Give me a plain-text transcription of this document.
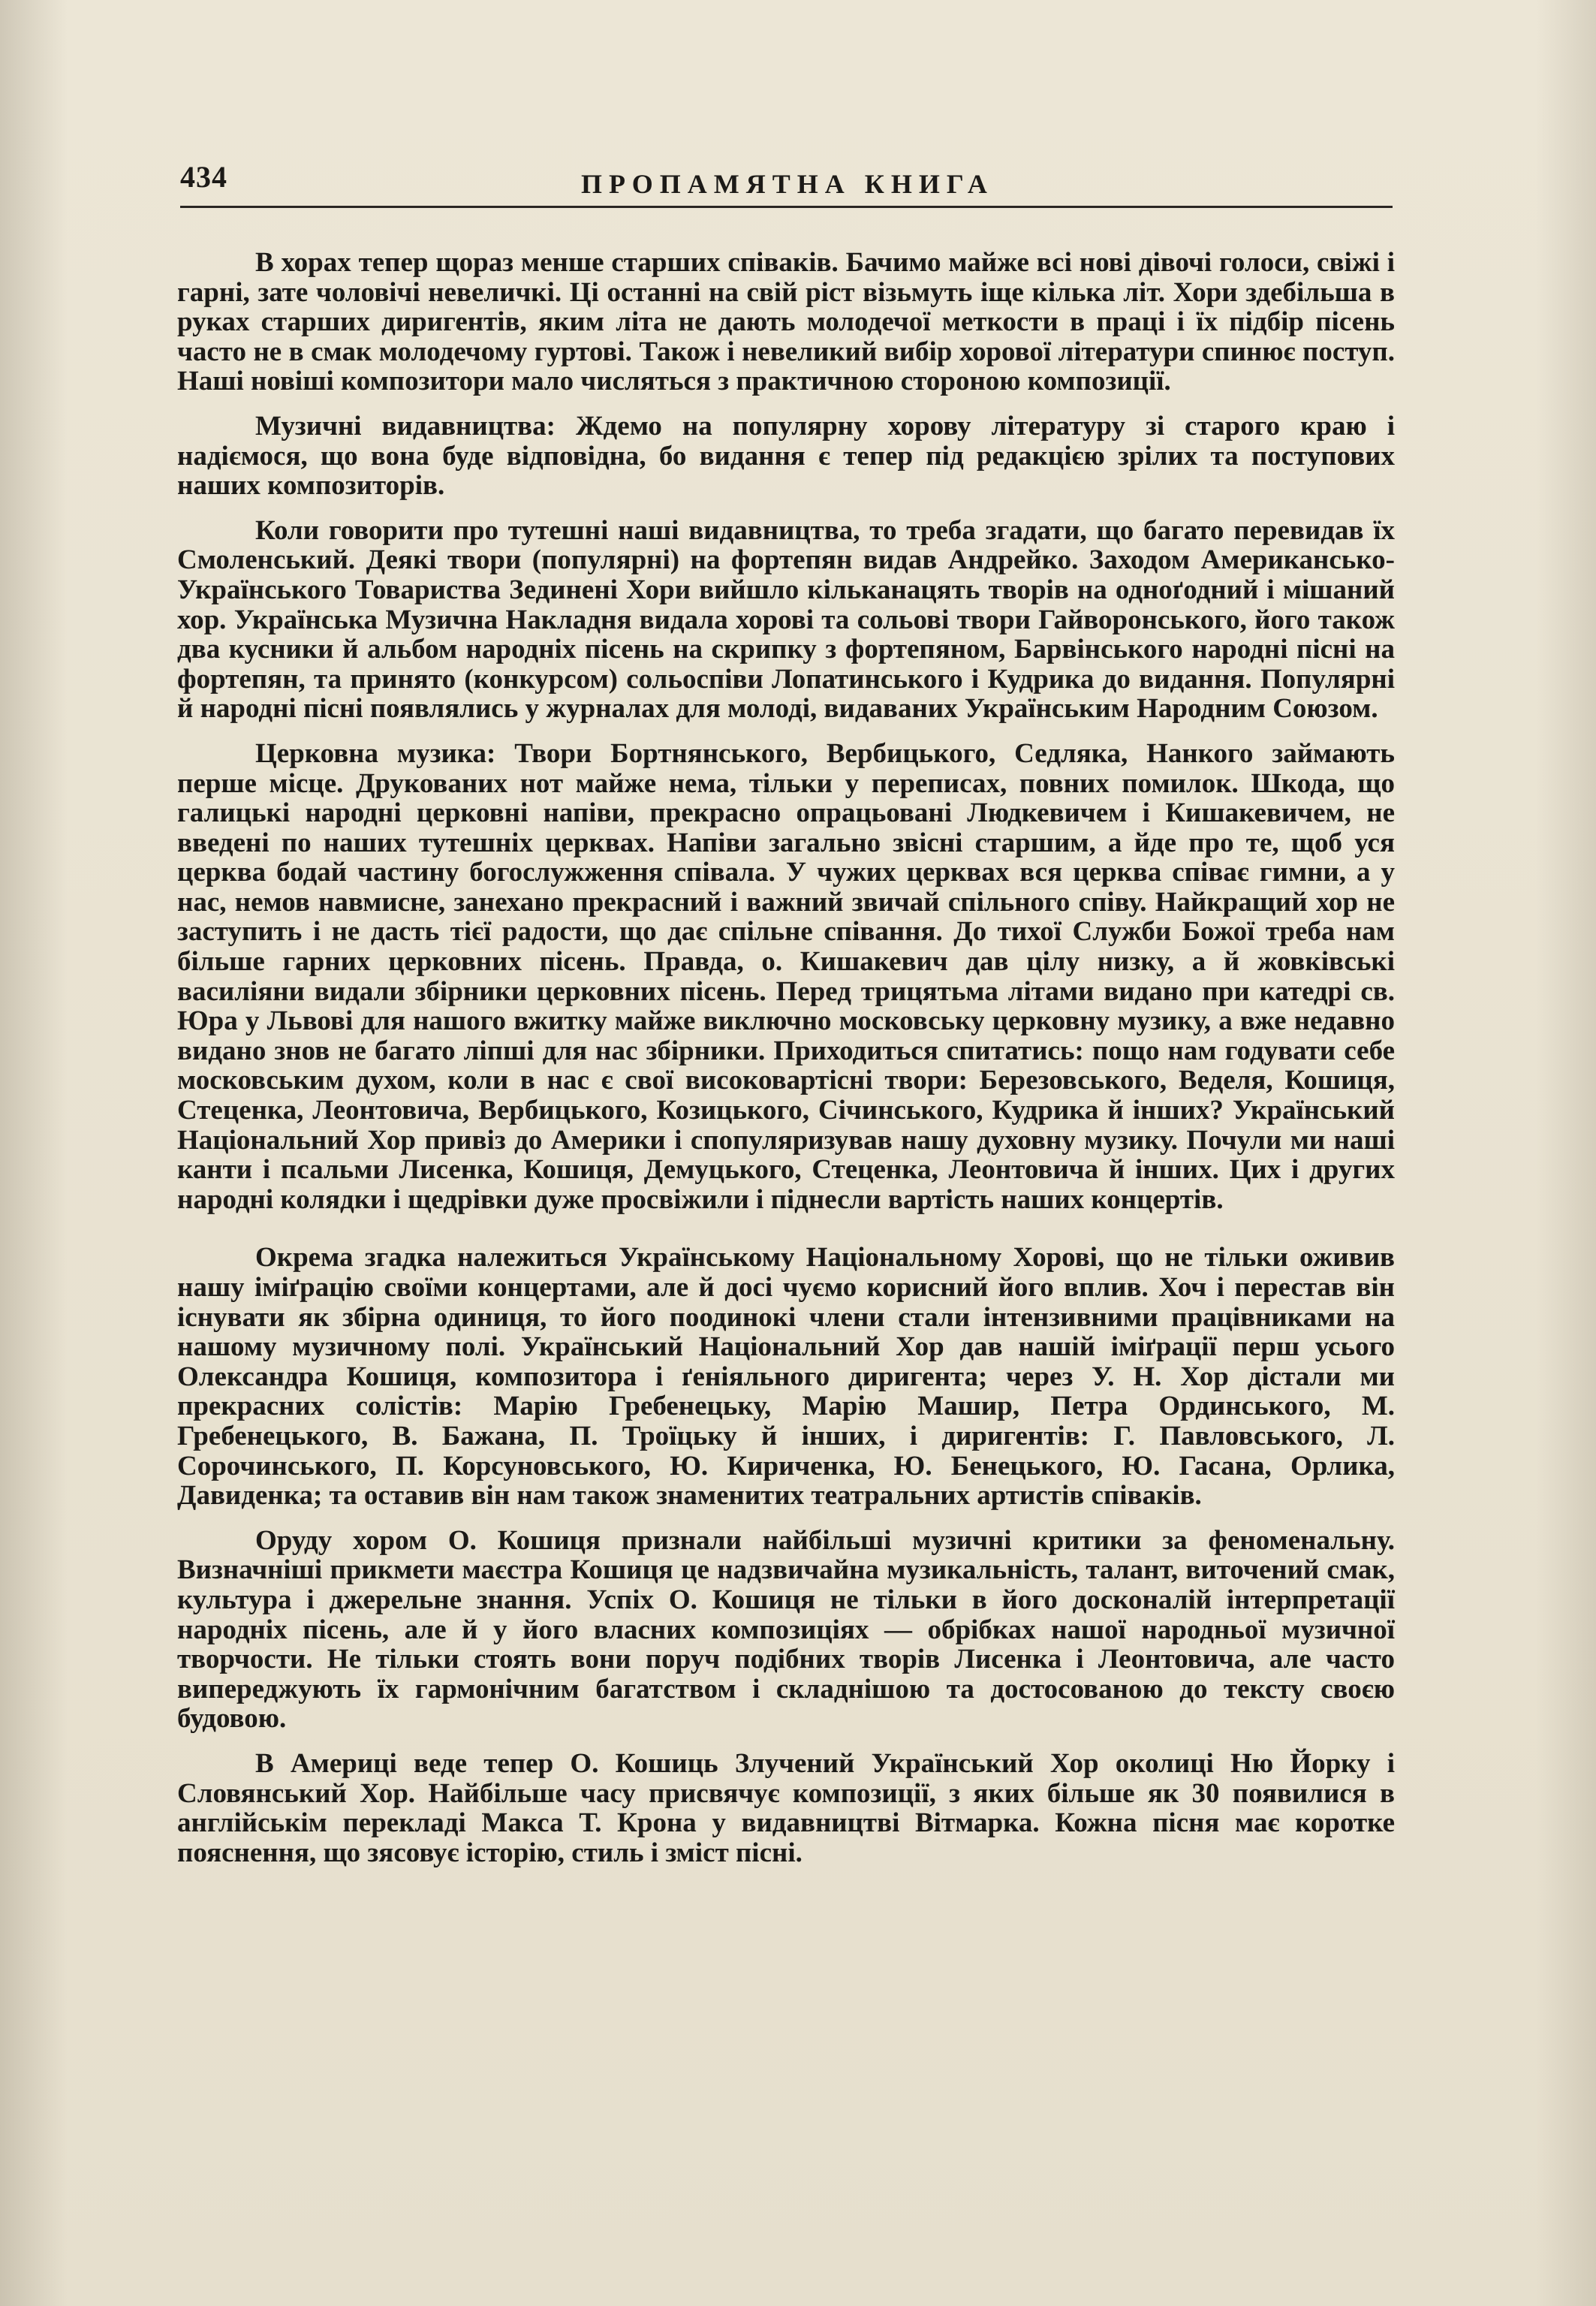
434	ПРОПАМЯТНА КНИГА

В хорах тепер щораз менше старших співаків. Бачимо майже всі нові дівочі голоси, свіжі і гарні, зате чоловічі невеличкі. Ці останні на свій ріст візьмуть іще кілька літ. Хори здебільша в руках старших диригентів, яким літа не дають молодечої меткости в праці і їх підбір пісень часто не в смак молодечому гуртові. Також і невеликий вибір хорової літератури спинює поступ. Наші новіші композитори мало числяться з практичною стороною композиції.

Музичні видавництва: Ждемо на популярну хорову літературу зі старого краю і надіємося, що вона буде відповідна, бо видання є тепер під редакцією зрілих та поступових наших композиторів.

Коли говорити про тутешні наші видавництва, то треба згадати, що багато перевидав їх Смоленський. Деякі твори (популярні) на фортепян видав Андрейко. Заходом Американсько-Українського Товариства Зединені Хори вийшло кільканацять творів на одноґодний і мішаний хор. Українська Музична Накладня видала хорові та сольові твори Гайворонського, його також два кусники й альбом народніх пісень на скрипку з фортепяном, Барвінського народні пісні на фортепян, та принято (конкурсом) сольоспіви Лопатинського і Кудрика до видання. Популярні й народні пісні появлялись у журналах для молоді, видаваних Українським Народним Союзом.

Церковна музика: Твори Бортнянського, Вербицького, Седляка, Нанкого займають перше місце. Друкованих нот майже нема, тільки у переписах, повних помилок. Шкода, що галицькі народні церковні напіви, прекрасно опрацьовані Людкевичем і Кишакевичем, не введені по наших тутешніх церквах. Напіви загально звісні старшим, а йде про те, щоб уся церква бодай частину богослужження співала. У чужих церквах вся церква співає гимни, а у нас, немов навмисне, занехано прекрасний і важний звичай спільного співу. Найкращий хор не заступить і не дасть тієї радости, що дає спільне співання. До тихої Служби Божої треба нам більше гарних церковних пісень. Правда, о. Кишакевич дав цілу низку, а й жовківські василіяни видали збірники церковних пісень. Перед трицятьма літами видано при катедрі св. Юра у Львові для нашого вжитку майже виключно московську церковну музику, а вже недавно видано знов не багато ліпші для нас збірники. Приходиться спитатись: пощо нам годувати себе московським духом, коли в нас є свої високовартісні твори: Березовського, Веделя, Кошиця, Стеценка, Леонтовича, Вербицького, Козицького, Січинського, Кудрика й інших? Український Національний Хор привіз до Америки і спопуляризував нашу духовну музику. Почули ми наші канти і псальми Лисенка, Кошиця, Демуцького, Стеценка, Леонтовича й інших. Цих і других народні колядки і щедрівки дуже просвіжили і піднесли вартість наших концертів.

Окрема згадка належиться Українському Національному Хорові, що не тільки оживив нашу іміґрацію своїми концертами, але й досі чуємо корисний його вплив. Хоч і перестав він існувати як збірна одиниця, то його поодинокі члени стали інтензивними працівниками на нашому музичному полі. Український Національний Хор дав нашій іміґрації перш усього Олександра Кошиця, композитора і ґеніяльного диригента; через У. Н. Хор дістали ми прекрасних солістів: Марію Гребенецьку, Марію Машир, Петра Ординського, М. Гребенецького, В. Бажана, П. Троїцьку й інших, і диригентів: Г. Павловського, Л. Сорочинського, П. Корсуновського, Ю. Кириченка, Ю. Бенецького, Ю. Гасана, Орлика, Давиденка; та оставив він нам також знаменитих театральних артистів співаків.

Оруду хором О. Кошиця признали найбільші музичні критики за феноменальну. Визначніші прикмети маєстра Кошиця це надзвичайна музикальність, талант, виточений смак, культура і джерельне знання. Успіх О. Кошиця не тільки в його досконалій інтерпретації народніх пісень, але й у його власних композиціях — обрібках нашої народньої музичної творчости. Не тільки стоять вони поруч подібних творів Лисенка і Леонтовича, але часто випереджують їх гармонічним багатством і складнішою та достосованою до тексту своєю будовою.

В Америці веде тепер О. Кошиць Злучений Український Хор околиці Ню Йорку і Словянський Хор. Найбільше часу присвячує композиції, з яких більше як 30 появилися в англійськім перекладі Макса Т. Крона у видавництві Вітмарка. Кожна пісня має коротке пояснення, що зясовує історію, стиль і зміст пісні.
